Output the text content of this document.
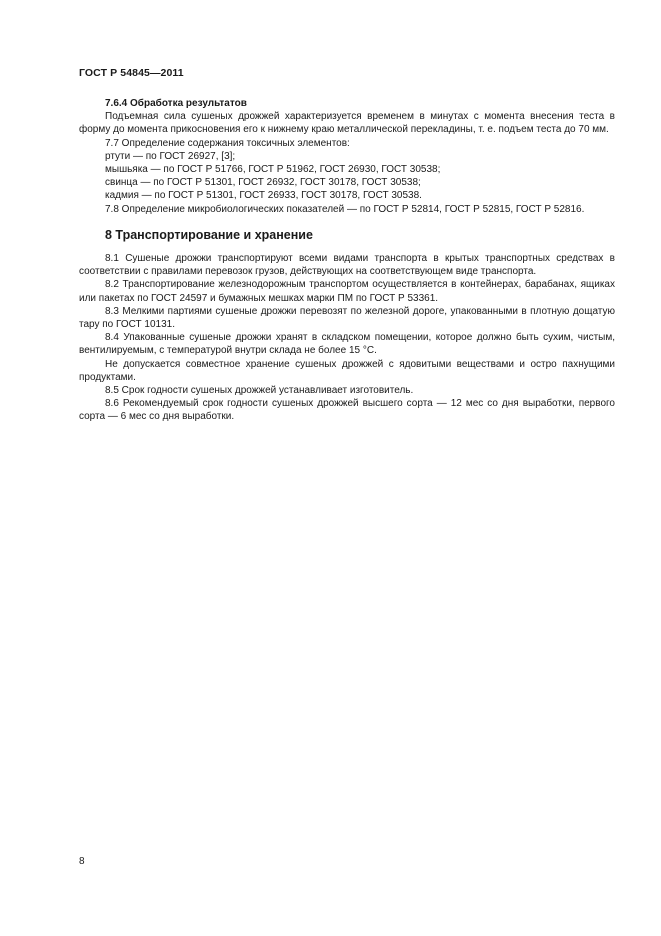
ГОСТ Р 54845—2011

7.6.4 Обработка результатов

Подъемная сила сушеных дрожжей характеризуется временем в минутах с момента внесения теста в форму до момента прикосновения его к нижнему краю металлической перекладины, т. е. подъем теста до 70 мм.

7.7 Определение содержания токсичных элементов:

ртути — по ГОСТ 26927, [3];

мышьяка — по ГОСТ Р 51766, ГОСТ Р 51962, ГОСТ 26930, ГОСТ 30538;

свинца — по ГОСТ Р 51301, ГОСТ 26932, ГОСТ 30178, ГОСТ 30538;

кадмия — по ГОСТ Р 51301, ГОСТ 26933, ГОСТ 30178, ГОСТ 30538.

7.8 Определение микробиологических показателей — по ГОСТ Р 52814, ГОСТ Р 52815, ГОСТ Р 52816.

8 Транспортирование и хранение

8.1 Сушеные дрожжи транспортируют всеми видами транспорта в крытых транспортных средствах в соответствии с правилами перевозок грузов, действующих на соответствующем виде транспорта.

8.2 Транспортирование железнодорожным транспортом осуществляется в контейнерах, барабанах, ящиках или пакетах по ГОСТ 24597 и бумажных мешках марки ПМ по ГОСТ Р 53361.

8.3 Мелкими партиями сушеные дрожжи перевозят по железной дороге, упакованными в плотную дощатую тару по ГОСТ 10131.

8.4 Упакованные сушеные дрожжи хранят в складском помещении, которое должно быть сухим, чистым, вентилируемым, с температурой внутри склада не более 15 °С.

Не допускается совместное хранение сушеных дрожжей с ядовитыми веществами и остро пахнущими продуктами.

8.5 Срок годности сушеных дрожжей устанавливает изготовитель.

8.6 Рекомендуемый срок годности сушеных дрожжей высшего сорта — 12 мес со дня выработки, первого сорта — 6 мес со дня выработки.

8
